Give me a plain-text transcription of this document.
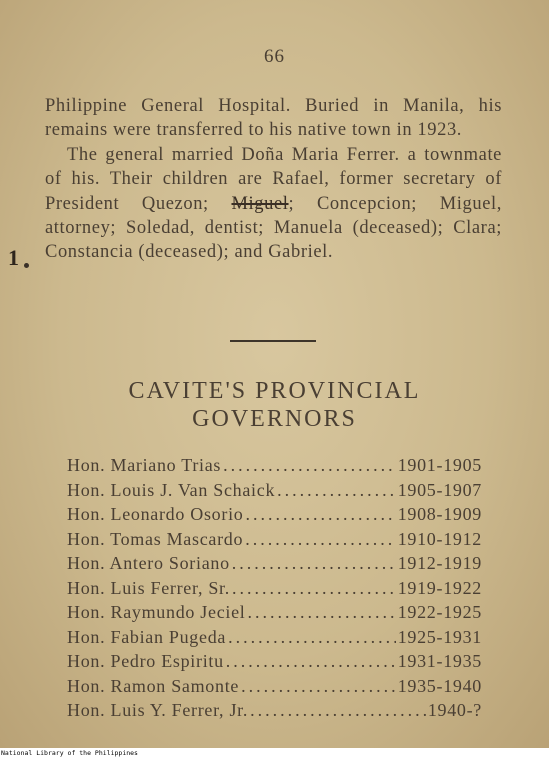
66
1

Philippine General Hospital. Buried in Manila, his remains were transferred to his native town in 1923.

The general married Doña Maria Ferrer. a townmate of his. Their children are Rafael, former secretary of President Quezon; Miguel; Concepcion; Miguel, attorney; Soledad, dentist; Manuela (deceased); Clara; Constancia (deceased); and Gabriel.

CAVITE'S PROVINCIAL GOVERNORS
Hon. Mariano Trias .....	1901-1905
Hon. Louis J. Van Schaick .....	1905-1907
Hon. Leonardo Osorio .....	1908-1909
Hon. Tomas Mascardo .....	1910-1912
Hon. Antero Soriano .....	1912-1919
Hon. Luis Ferrer, Sr. .....	1919-1922
Hon. Raymundo Jeciel .....	1922-1925
Hon. Fabian Pugeda .....	1925-1931
Hon. Pedro Espiritu .....	1931-1935
Hon. Ramon Samonte .....	1935-1940
Hon. Luis Y. Ferrer, Jr. .....	1940-?
National Library of the Philippines
